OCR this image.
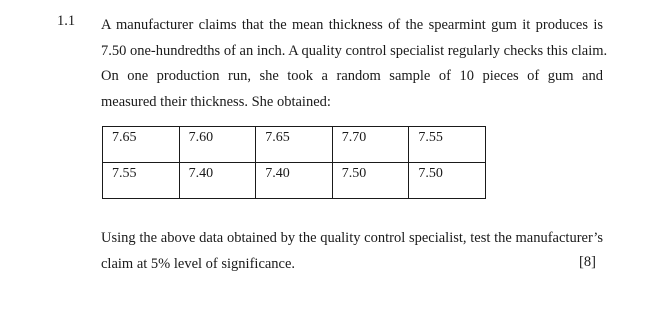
1.1 A manufacturer claims that the mean thickness of the spearmint gum it produces is
7.50 one-hundredths of an inch. A quality control specialist regularly checks this claim.
On one production run, she took a random sample of 10 pieces of gum and
measured their thickness. She obtained:
7.65	7.60	7.65	7.70	7.55
7.55	7.40	7.40	7.50	7.50
Using the above data obtained by the quality control specialist, test the manufacturer’s
claim at 5% level of significance.	[8]
